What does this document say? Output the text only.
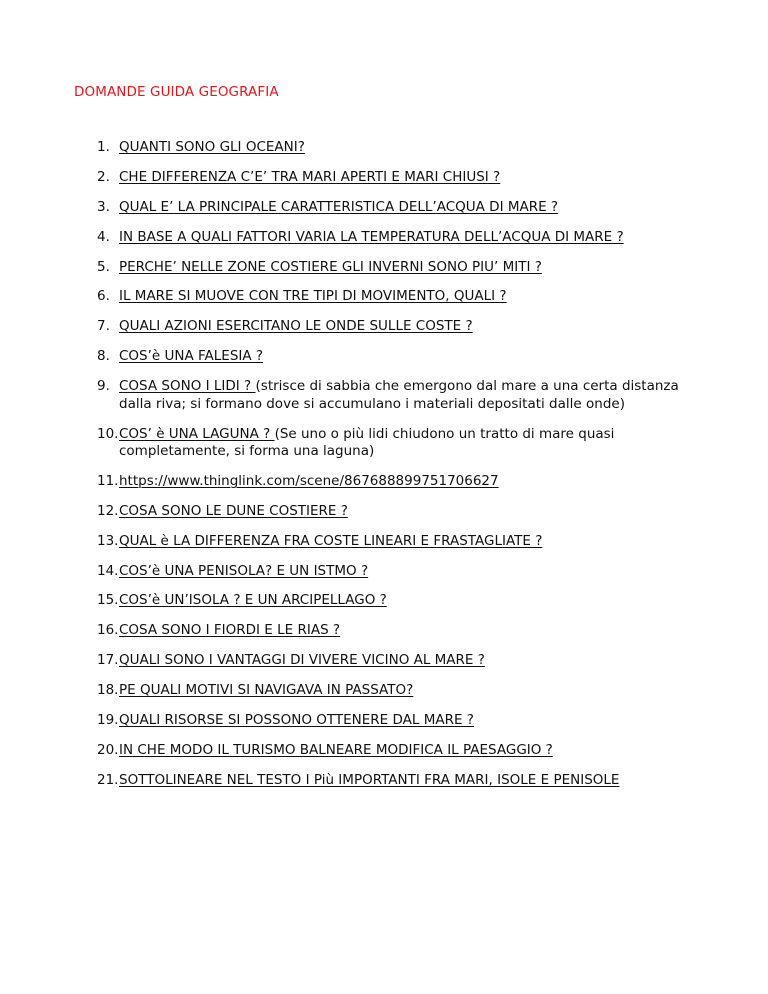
DOMANDE GUIDA GEOGRAFIA
1. QUANTI SONO GLI OCEANI?
2. CHE DIFFERENZA C’E’ TRA MARI APERTI E MARI CHIUSI ?
3. QUAL E’ LA PRINCIPALE CARATTERISTICA DELL’ACQUA DI MARE ?
4. IN BASE A QUALI FATTORI VARIA LA TEMPERATURA DELL’ACQUA DI MARE ?
5. PERCHE’ NELLE ZONE COSTIERE GLI INVERNI SONO PIU’ MITI ?
6. IL MARE SI MUOVE CON TRE TIPI DI MOVIMENTO, QUALI ?
7. QUALI AZIONI ESERCITANO LE ONDE SULLE COSTE ?
8. COS’è UNA FALESIA ?
9. COSA SONO I LIDI ? (strisce di sabbia che emergono dal mare a una certa distanza dalla riva; si formano dove si accumulano i materiali depositati dalle onde)
10. COS’ è UNA LAGUNA ? (Se uno o più lidi chiudono un tratto di mare quasi completamente, si forma una laguna)
11. https://www.thinglink.com/scene/867688899751706627
12. COSA SONO LE DUNE COSTIERE ?
13. QUAL è LA DIFFERENZA FRA COSTE LINEARI E FRASTAGLIATE ?
14. COS’è UNA PENISOLA? E UN ISTMO ?
15. COS’è UN’ISOLA ? E UN ARCIPELLAGO ?
16. COSA SONO I FIORDI E LE RIAS ?
17. QUALI SONO I VANTAGGI DI VIVERE VICINO AL MARE ?
18. PE QUALI MOTIVI SI NAVIGAVA IN PASSATO?
19. QUALI RISORSE SI POSSONO OTTENERE DAL MARE ?
20. IN CHE MODO IL TURISMO BALNEARE MODIFICA IL PAESAGGIO ?
21. SOTTOLINEARE NEL TESTO I Più IMPORTANTI FRA MARI, ISOLE E PENISOLE
